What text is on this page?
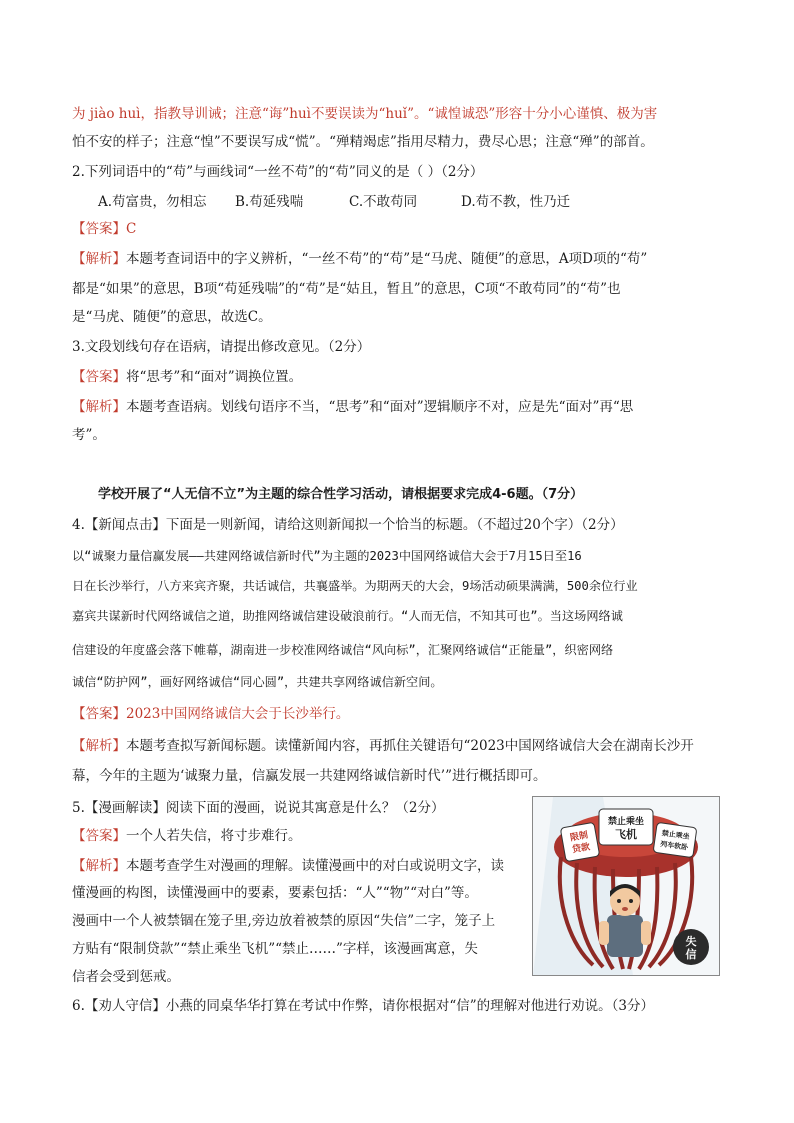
为 jiào huì，指教导训诫；注意“诲”huì不要误读为“huǐ”。“诚惶诚恐”形容十分小心谨慎、极为害
怕不安的样子；注意“惶”不要误写成“慌”。“殚精竭虑”指用尽精力，费尽心思；注意“殚”的部首。
2.下列词语中的“苟”与画线词“一丝不苟”的“苟”同义的是（ ）（2分）
A.苟富贵，勿相忘 B.苟延残喘	C.不敢苟同	D.苟不教，性乃迁
【答案】C
【解析】本题考查词语中的字义辨析，“一丝不苟”的“苟”是“马虎、随便”的意思，A项D项的“苟”
都是“如果”的意思，B项“苟延残喘”的“苟”是“姑且，暂且”的意思，C项“不敢苟同”的“苟”也
是“马虎、随便”的意思，故选C。
3.文段划线句存在语病，请提出修改意见。（2分）
【答案】将“思考”和“面对”调换位置。
【解析】本题考查语病。划线句语序不当，“思考”和“面对”逻辑顺序不对，应是先“面对”再“思
考”。
学校开展了“人无信不立”为主题的综合性学习活动，请根据要求完成4-6题。（7分）
4.【新闻点击】下面是一则新闻，请给这则新闻拟一个恰当的标题。（不超过20个字）（2分）
以“诚聚力量信赢发展——共建网络诚信新时代”为主题的2023中国网络诚信大会于7月15日至16
日在长沙举行，八方来宾齐聚，共话诚信，共襄盛举。为期两天的大会，9场活动硕果满满，500余位行业
嘉宾共谋新时代网络诚信之道，助推网络诚信建设破浪前行。“人而无信，不知其可也”。当这场网络诚
信建设的年度盛会落下帷幕，湖南进一步校准网络诚信“风向标”，汇聚网络诚信“正能量”，织密网络
诚信“防护网”，画好网络诚信“同心圆”，共建共享网络诚信新空间。
【答案】2023中国网络诚信大会于长沙举行。
【解析】本题考查拟写新闻标题。读懂新闻内容，再抓住关键语句“2023中国网络诚信大会在湖南长沙开
幕，今年的主题为‘诚聚力量，信赢发展一共建网络诚信新时代’”进行概括即可。
5.【漫画解读】阅读下面的漫画，说说其寓意是什么？（2分）
【答案】一个人若失信，将寸步难行。
【解析】本题考查学生对漫画的理解。读懂漫画中的对白或说明文字，读
懂漫画的构图，读懂漫画中的要素，要素包括：“人”“物”“对白”等。
漫画中一个人被禁锢在笼子里,旁边放着被禁的原因“失信”二字，笼子上
方贴有“限制贷款”“禁止乘坐飞机”“禁止……”字样，该漫画寓意，失
信者会受到惩戒。
限制
贷款
禁止乘坐
飞机	禁止乘坐
列车软卧
失
信
6.【劝人守信】小燕的同桌华华打算在考试中作弊，请你根据对“信”的理解对他进行劝说。（3分）
